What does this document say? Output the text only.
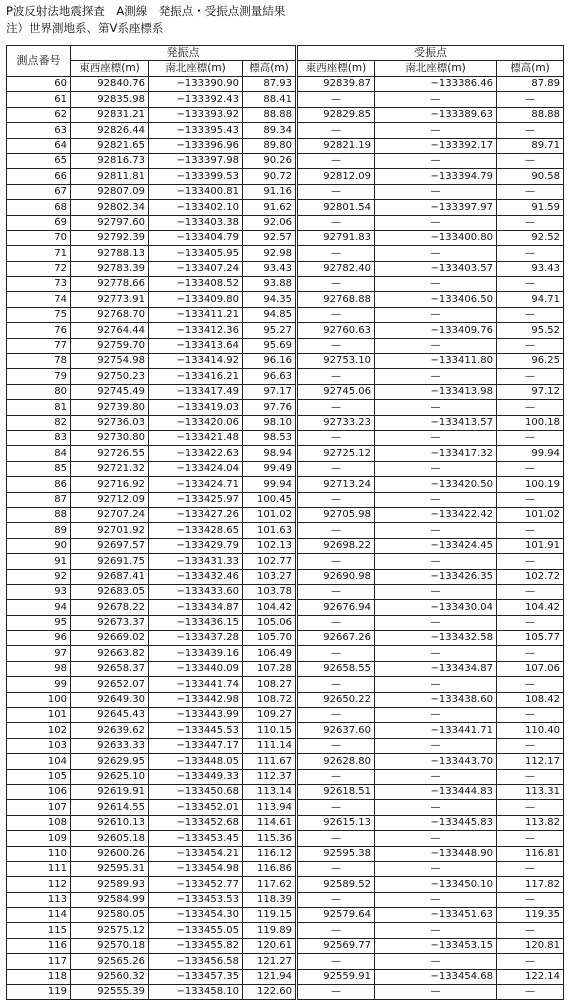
P波反射法地震探査　A測線　発振点・受振点測量結果
注）世界測地系、第Ⅴ系座標系
測点番号	発振点			受振点		
	東西座標(m)	南北座標(m)	標高(m)	東西座標(m)	南北座標(m)	標高(m)
60	92840.76	−133390.90	87.93	92839.87	−133386.46	87.89
61	92835.98	−133392.43	88.41	—	—	—
62	92831.21	−133393.92	88.88	92829.85	−133389.63	88.88
63	92826.44	−133395.43	89.34	—	—	—
64	92821.65	−133396.96	89.80	92821.19	−133392.17	89.71
65	92816.73	−133397.98	90.26	—	—	—
66	92811.81	−133399.53	90.72	92812.09	−133394.79	90.58
67	92807.09	−133400.81	91.16	—	—	—
68	92802.34	−133402.10	91.62	92801.54	−133397.97	91.59
69	92797.60	−133403.38	92.06	—	—	—
70	92792.39	−133404.79	92.57	92791.83	−133400.80	92.52
71	92788.13	−133405.95	92.98	—	—	—
72	92783.39	−133407.24	93.43	92782.40	−133403.57	93.43
73	92778.66	−133408.52	93.88	—	—	—
74	92773.91	−133409.80	94.35	92768.88	−133406.50	94.71
75	92768.70	−133411.21	94.85	—	—	—
76	92764.44	−133412.36	95.27	92760.63	−133409.76	95.52
77	92759.70	−133413.64	95.69	—	—	—
78	92754.98	−133414.92	96.16	92753.10	−133411.80	96.25
79	92750.23	−133416.21	96.63	—	—	—
80	92745.49	−133417.49	97.17	92745.06	−133413.98	97.12
81	92739.80	−133419.03	97.76	—	—	—
82	92736.03	−133420.06	98.10	92733.23	−133413.57	100.18
83	92730.80	−133421.48	98.53	—	—	—
84	92726.55	−133422.63	98.94	92725.12	−133417.32	99.94
85	92721.32	−133424.04	99.49	—	—	—
86	92716.92	−133424.71	99.94	92713.24	−133420.50	100.19
87	92712.09	−133425.97	100.45	—	—	—
88	92707.24	−133427.26	101.02	92705.98	−133422.42	101.02
89	92701.92	−133428.65	101.63	—	—	—
90	92697.57	−133429.79	102.13	92698.22	−133424.45	101.91
91	92691.75	−133431.33	102.77	—	—	—
92	92687.41	−133432.46	103.27	92690.98	−133426.35	102.72
93	92683.05	−133433.60	103.78	—	—	—
94	92678.22	−133434.87	104.42	92676.94	−133430.04	104.42
95	92673.37	−133436.15	105.06	—	—	—
96	92669.02	−133437.28	105.70	92667.26	−133432.58	105.77
97	92663.82	−133439.16	106.49	—	—	—
98	92658.37	−133440.09	107.28	92658.55	−133434.87	107.06
99	92652.07	−133441.74	108.27	—	—	—
100	92649.30	−133442.98	108.72	92650.22	−133438.60	108.42
101	92645.43	−133443.99	109.27	—	—	—
102	92639.62	−133445.53	110.15	92637.60	−133441.71	110.40
103	92633.33	−133447.17	111.14	—	—	—
104	92629.95	−133448.05	111.67	92628.80	−133443.70	112.17
105	92625.10	−133449.33	112.37	—	—	—
106	92619.91	−133450.68	113.14	92618.51	−133444.83	113.31
107	92614.55	−133452.01	113.94	—	—	—
108	92610.13	−133452.68	114.61	92615.13	−133445.83	113.82
109	92605.18	−133453.45	115.36	—	—	—
110	92600.26	−133454.21	116.12	92595.38	−133448.90	116.81
111	92595.31	−133454.98	116.86	—	—	—
112	92589.93	−133452.77	117.62	92589.52	−133450.10	117.82
113	92584.99	−133453.53	118.39	—	—	—
114	92580.05	−133454.30	119.15	92579.64	−133451.63	119.35
115	92575.12	−133455.05	119.89	—	—	—
116	92570.18	−133455.82	120.61	92569.77	−133453.15	120.81
117	92565.26	−133456.58	121.27	—	—	—
118	92560.32	−133457.35	121.94	92559.91	−133454.68	122.14
119	92555.39	−133458.10	122.60	—	—	—
